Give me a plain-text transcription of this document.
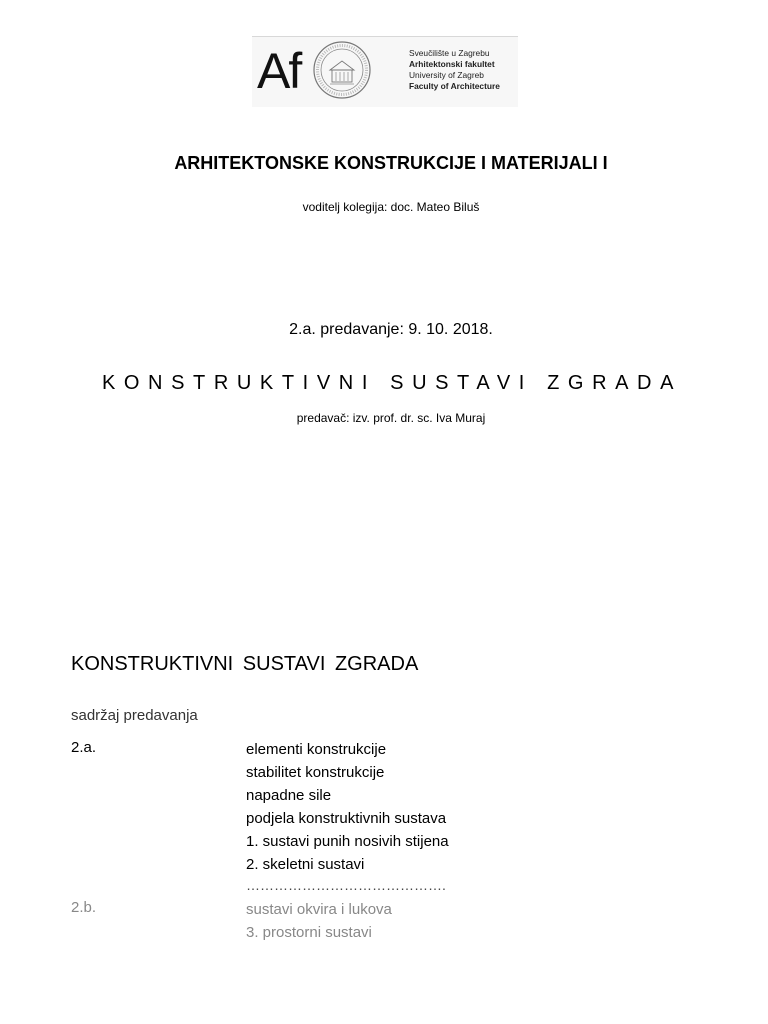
Af	Sveučilište u Zagrebu
Arhitektonski fakultet
University of Zagreb
Faculty of Architecture
ARHITEKTONSKE KONSTRUKCIJE I MATERIJALI I
voditelj kolegija: doc. Mateo Biluš
2.a. predavanje: 9. 10. 2018.
KONSTRUKTIVNI SUSTAVI ZGRADA
predavač: izv. prof. dr. sc. Iva Muraj
KONSTRUKTIVNI SUSTAVI ZGRADA
sadržaj predavanja
2.a.	elementi konstrukcije
stabilitet konstrukcije
napadne sile
podjela konstruktivnih sustava
1. sustavi punih nosivih stijena
2. skeletni sustavi
…………………………………….
2.b.	sustavi okvira i lukova
3. prostorni sustavi
